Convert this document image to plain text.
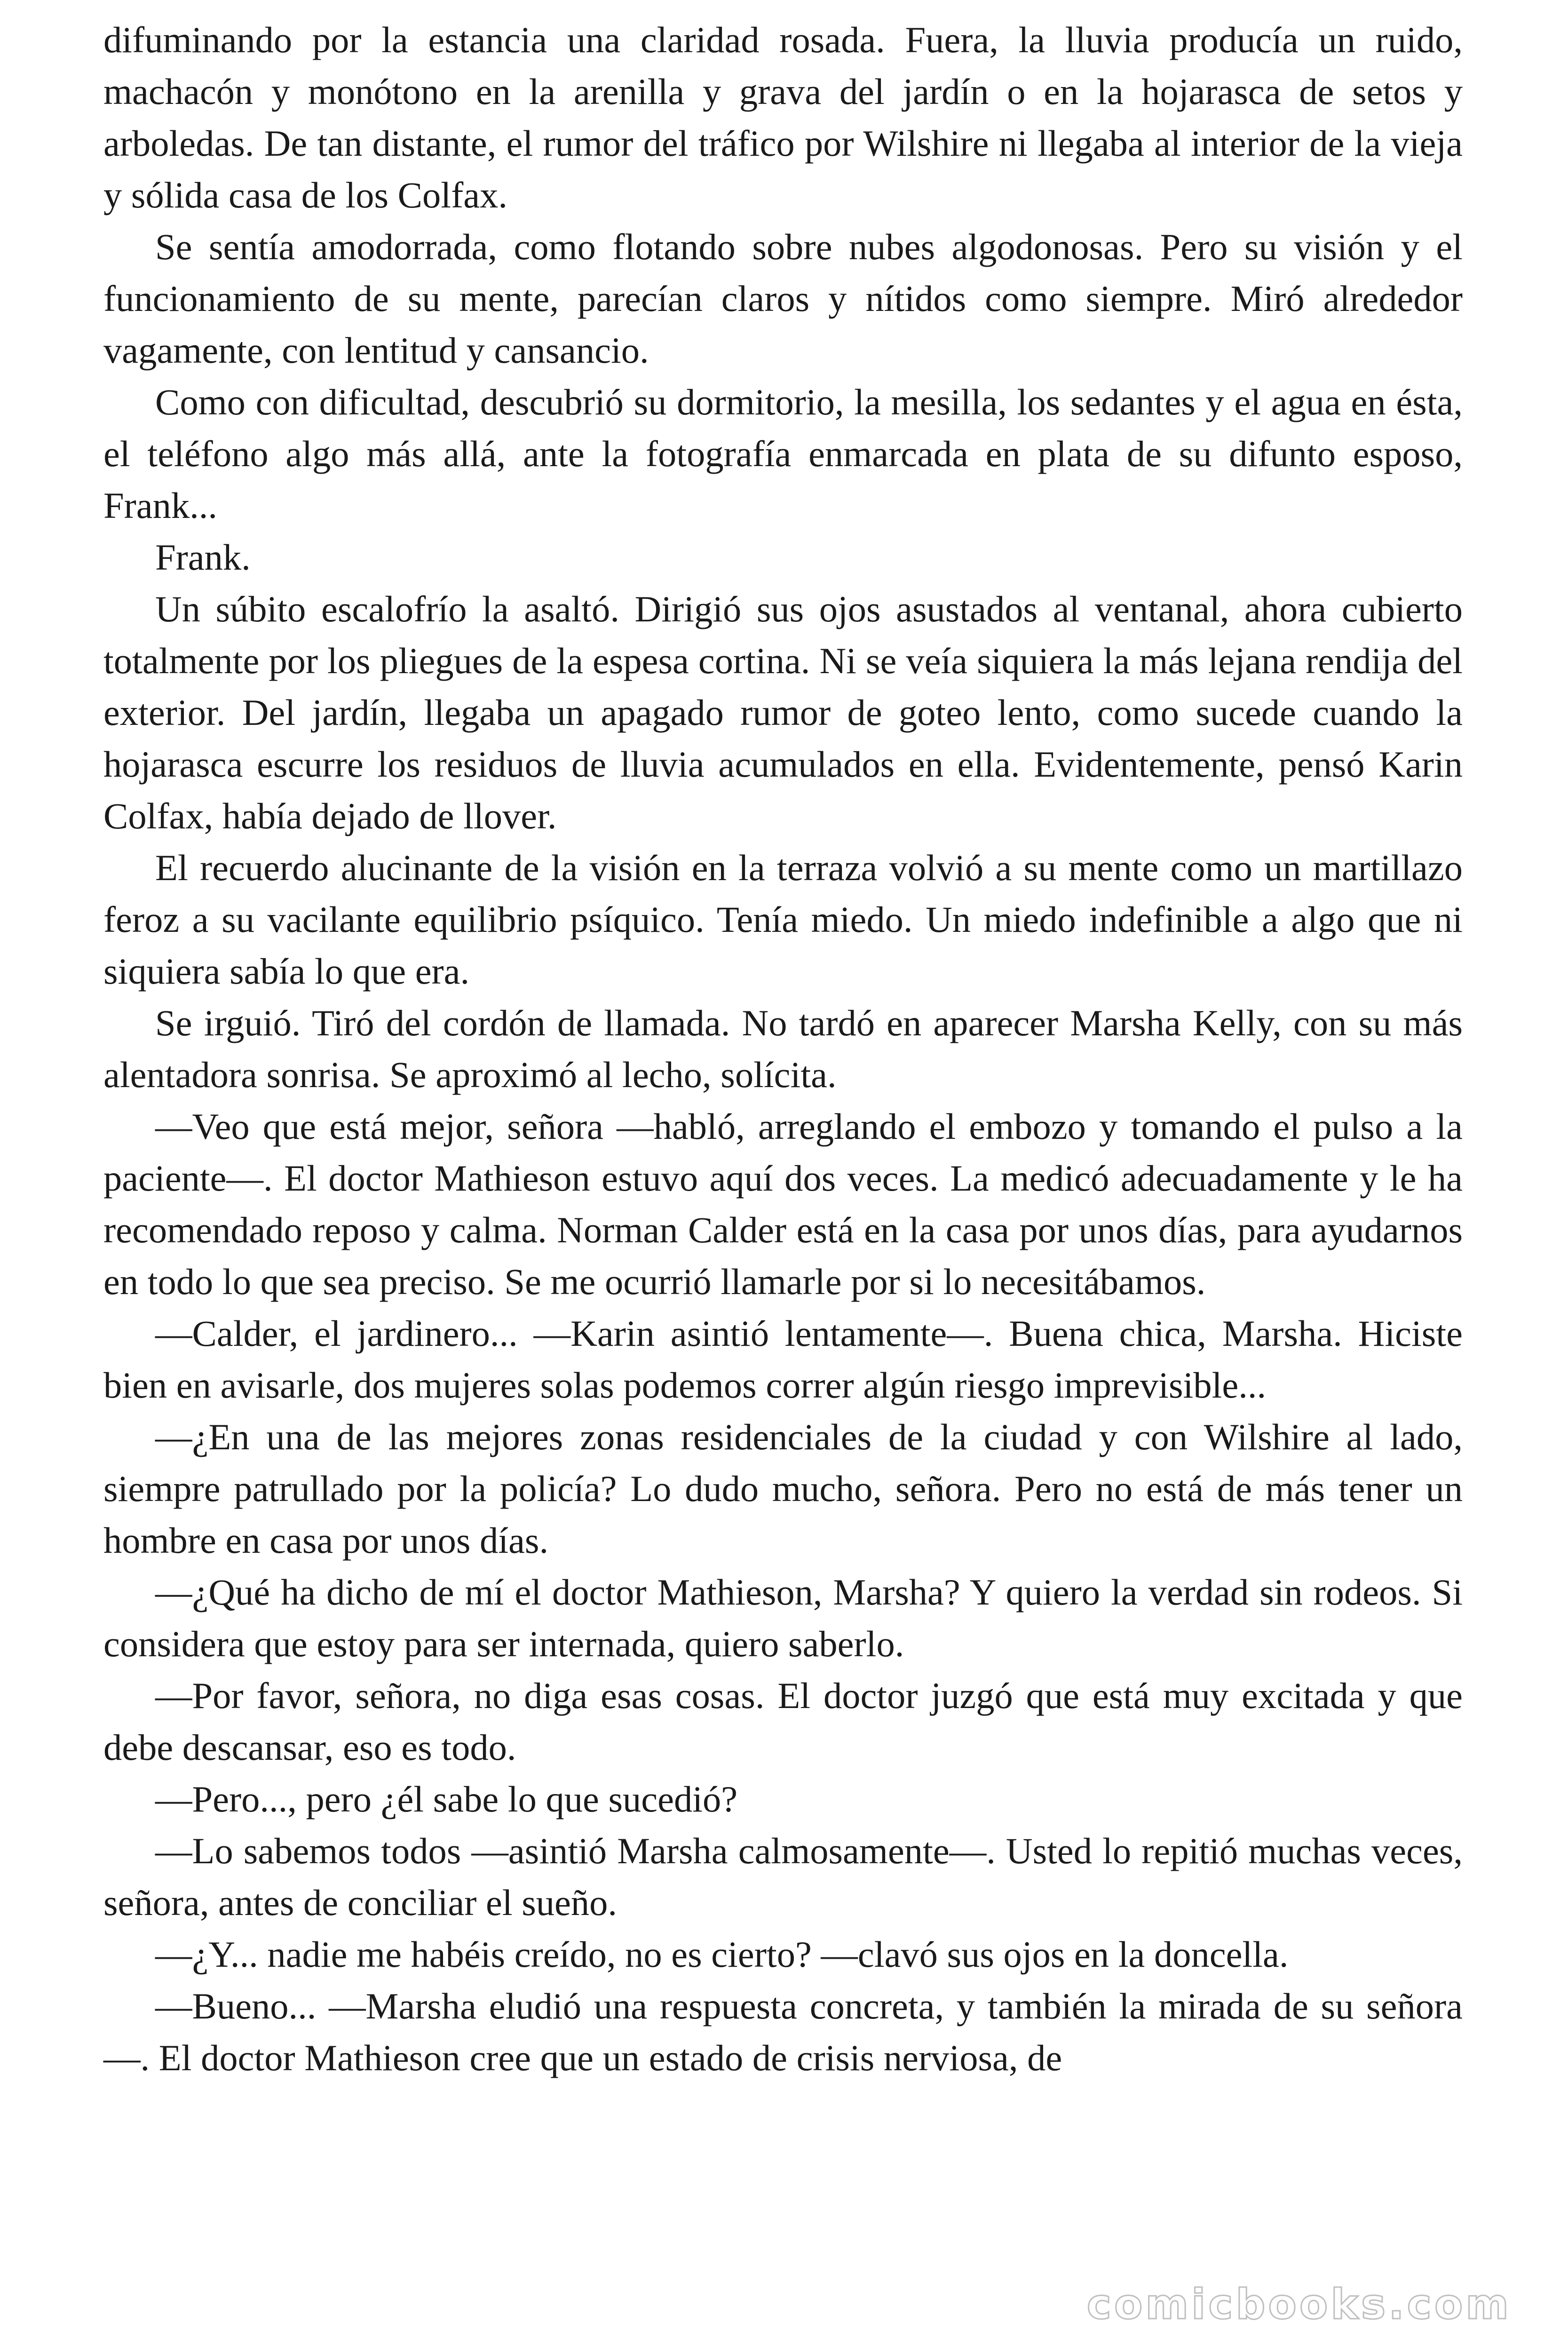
difuminando por la estancia una claridad rosada. Fuera, la lluvia producía un ruido, machacón y monótono en la arenilla y grava del jardín o en la hojarasca de setos y arboledas. De tan distante, el rumor del tráfico por Wilshire ni llegaba al interior de la vieja y sólida casa de los Colfax.

Se sentía amodorrada, como flotando sobre nubes algodonosas. Pero su visión y el funcionamiento de su mente, parecían claros y nítidos como siempre. Miró alrededor vagamente, con lentitud y cansancio.

Como con dificultad, descubrió su dormitorio, la mesilla, los sedantes y el agua en ésta, el teléfono algo más allá, ante la fotografía enmarcada en plata de su difunto esposo, Frank...

Frank.

Un súbito escalofrío la asaltó. Dirigió sus ojos asustados al ventanal, ahora cubierto totalmente por los pliegues de la espesa cortina. Ni se veía siquiera la más lejana rendija del exterior. Del jardín, llegaba un apagado rumor de goteo lento, como sucede cuando la hojarasca escurre los residuos de lluvia acumulados en ella. Evidentemente, pensó Karin Colfax, había dejado de llover.

El recuerdo alucinante de la visión en la terraza volvió a su mente como un martillazo feroz a su vacilante equilibrio psíquico. Tenía miedo. Un miedo indefinible a algo que ni siquiera sabía lo que era.

Se irguió. Tiró del cordón de llamada. No tardó en aparecer Marsha Kelly, con su más alentadora sonrisa. Se aproximó al lecho, solícita.

—Veo que está mejor, señora —habló, arreglando el embozo y tomando el pulso a la paciente—. El doctor Mathieson estuvo aquí dos veces. La medicó adecuadamente y le ha recomendado reposo y calma. Norman Calder está en la casa por unos días, para ayudarnos en todo lo que sea preciso. Se me ocurrió llamarle por si lo necesitábamos.

—Calder, el jardinero... —Karin asintió lentamente—. Buena chica, Marsha. Hiciste bien en avisarle, dos mujeres solas podemos correr algún riesgo imprevisible...

—¿En una de las mejores zonas residenciales de la ciudad y con Wilshire al lado, siempre patrullado por la policía? Lo dudo mucho, señora. Pero no está de más tener un hombre en casa por unos días.

—¿Qué ha dicho de mí el doctor Mathieson, Marsha? Y quiero la verdad sin rodeos. Si considera que estoy para ser internada, quiero saberlo.

—Por favor, señora, no diga esas cosas. El doctor juzgó que está muy excitada y que debe descansar, eso es todo.

—Pero..., pero ¿él sabe lo que sucedió?

—Lo sabemos todos —asintió Marsha calmosamente—. Usted lo repitió muchas veces, señora, antes de conciliar el sueño.

—¿Y... nadie me habéis creído, no es cierto? —clavó sus ojos en la doncella.

—Bueno... —Marsha eludió una respuesta concreta, y también la mirada de su señora—. El doctor Mathieson cree que un estado de crisis nerviosa, de

comicbooks.com
